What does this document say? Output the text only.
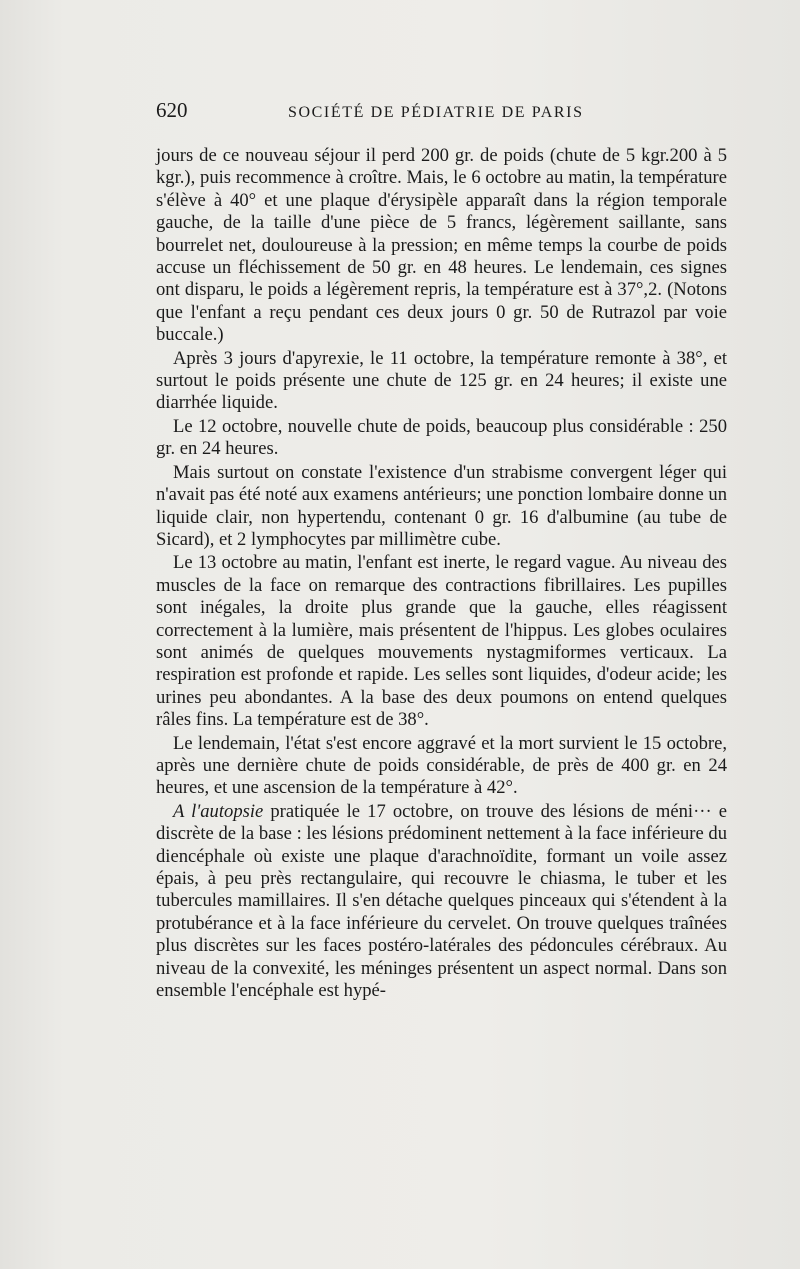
620	SOCIÉTÉ DE PÉDIATRIE DE PARIS

jours de ce nouveau séjour il perd 200 gr. de poids (chute de 5 kgr.200 à 5 kgr.), puis recommence à croître. Mais, le 6 octobre au matin, la température s'élève à 40° et une plaque d'érysipèle apparaît dans la région temporale gauche, de la taille d'une pièce de 5 francs, légèrement saillante, sans bourrelet net, douloureuse à la pression; en même temps la courbe de poids accuse un fléchissement de 50 gr. en 48 heures. Le lendemain, ces signes ont disparu, le poids a légèrement repris, la température est à 37°,2. (Notons que l'enfant a reçu pendant ces deux jours 0 gr. 50 de Rutrazol par voie buccale.)

Après 3 jours d'apyrexie, le 11 octobre, la température remonte à 38°, et surtout le poids présente une chute de 125 gr. en 24 heures; il existe une diarrhée liquide.

Le 12 octobre, nouvelle chute de poids, beaucoup plus considérable : 250 gr. en 24 heures.

Mais surtout on constate l'existence d'un strabisme convergent léger qui n'avait pas été noté aux examens antérieurs; une ponction lombaire donne un liquide clair, non hypertendu, contenant 0 gr. 16 d'albumine (au tube de Sicard), et 2 lymphocytes par millimètre cube.

Le 13 octobre au matin, l'enfant est inerte, le regard vague. Au niveau des muscles de la face on remarque des contractions fibrillaires. Les pupilles sont inégales, la droite plus grande que la gauche, elles réagissent correctement à la lumière, mais présentent de l'hippus. Les globes oculaires sont animés de quelques mouvements nystagmiformes verticaux. La respiration est profonde et rapide. Les selles sont liquides, d'odeur acide; les urines peu abondantes. A la base des deux poumons on entend quelques râles fins. La température est de 38°.

Le lendemain, l'état s'est encore aggravé et la mort survient le 15 octobre, après une dernière chute de poids considérable, de près de 400 gr. en 24 heures, et une ascension de la température à 42°.

A l'autopsie pratiquée le 17 octobre, on trouve des lésions de méni··· e discrète de la base : les lésions prédominent nettement à la face inférieure du diencéphale où existe une plaque d'arachnoïdite, formant un voile assez épais, à peu près rectangulaire, qui recouvre le chiasma, le tuber et les tubercules mamillaires. Il s'en détache quelques pinceaux qui s'étendent à la protubérance et à la face inférieure du cervelet. On trouve quelques traînées plus discrètes sur les faces postéro-latérales des pédoncules cérébraux. Au niveau de la convexité, les méninges présentent un aspect normal. Dans son ensemble l'encéphale est hypé-
